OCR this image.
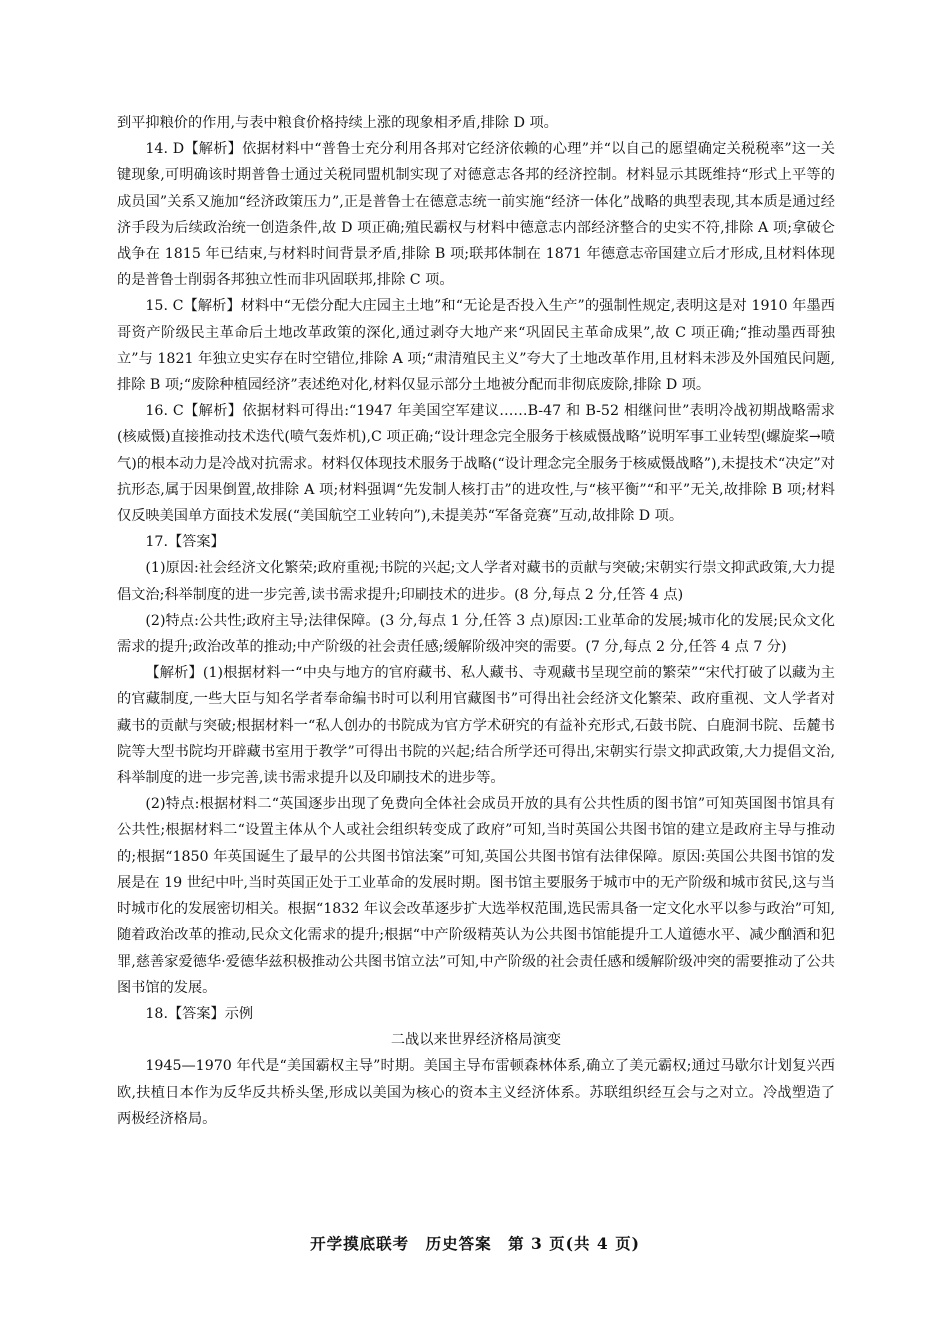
到平抑粮价的作用,与表中粮食价格持续上涨的现象相矛盾,排除 D 项。

14. D【解析】依据材料中“普鲁士充分利用各邦对它经济依赖的心理”并“以自己的愿望确定关税税率”这一关键现象,可明确该时期普鲁士通过关税同盟机制实现了对德意志各邦的经济控制。材料显示其既维持“形式上平等的成员国”关系又施加“经济政策压力”,正是普鲁士在德意志统一前实施“经济一体化”战略的典型表现,其本质是通过经济手段为后续政治统一创造条件,故 D 项正确;殖民霸权与材料中德意志内部经济整合的史实不符,排除 A 项;拿破仑战争在 1815 年已结束,与材料时间背景矛盾,排除 B 项;联邦体制在 1871 年德意志帝国建立后才形成,且材料体现的是普鲁士削弱各邦独立性而非巩固联邦,排除 C 项。

15. C【解析】材料中“无偿分配大庄园主土地”和“无论是否投入生产”的强制性规定,表明这是对 1910 年墨西哥资产阶级民主革命后土地改革政策的深化,通过剥夺大地产来“巩固民主革命成果”,故 C 项正确;“推动墨西哥独立”与 1821 年独立史实存在时空错位,排除 A 项;“肃清殖民主义”夸大了土地改革作用,且材料未涉及外国殖民问题,排除 B 项;“废除种植园经济”表述绝对化,材料仅显示部分土地被分配而非彻底废除,排除 D 项。

16. C【解析】依据材料可得出:“1947 年美国空军建议……B-47 和 B-52 相继问世”表明冷战初期战略需求(核威慑)直接推动技术迭代(喷气轰炸机),C 项正确;“设计理念完全服务于核威慑战略”说明军事工业转型(螺旋桨→喷气)的根本动力是冷战对抗需求。材料仅体现技术服务于战略(“设计理念完全服务于核威慑战略”),未提技术“决定”对抗形态,属于因果倒置,故排除 A 项;材料强调“先发制人核打击”的进攻性,与“核平衡”“和平”无关,故排除 B 项;材料仅反映美国单方面技术发展(“美国航空工业转向”),未提美苏“军备竞赛”互动,故排除 D 项。

17.【答案】

(1)原因:社会经济文化繁荣;政府重视;书院的兴起;文人学者对藏书的贡献与突破;宋朝实行崇文抑武政策,大力提倡文治;科举制度的进一步完善,读书需求提升;印刷技术的进步。(8 分,每点 2 分,任答 4 点)

(2)特点:公共性;政府主导;法律保障。(3 分,每点 1 分,任答 3 点)原因:工业革命的发展;城市化的发展;民众文化需求的提升;政治改革的推动;中产阶级的社会责任感;缓解阶级冲突的需要。(7 分,每点 2 分,任答 4 点 7 分)

【解析】(1)根据材料一“中央与地方的官府藏书、私人藏书、寺观藏书呈现空前的繁荣”“宋代打破了以藏为主的官藏制度,一些大臣与知名学者奉命编书时可以利用官藏图书”可得出社会经济文化繁荣、政府重视、文人学者对藏书的贡献与突破;根据材料一“私人创办的书院成为官方学术研究的有益补充形式,石鼓书院、白鹿洞书院、岳麓书院等大型书院均开辟藏书室用于教学”可得出书院的兴起;结合所学还可得出,宋朝实行崇文抑武政策,大力提倡文治,科举制度的进一步完善,读书需求提升以及印刷技术的进步等。

(2)特点:根据材料二“英国逐步出现了免费向全体社会成员开放的具有公共性质的图书馆”可知英国图书馆具有公共性;根据材料二“设置主体从个人或社会组织转变成了政府”可知,当时英国公共图书馆的建立是政府主导与推动的;根据“1850 年英国诞生了最早的公共图书馆法案”可知,英国公共图书馆有法律保障。原因:英国公共图书馆的发展是在 19 世纪中叶,当时英国正处于工业革命的发展时期。图书馆主要服务于城市中的无产阶级和城市贫民,这与当时城市化的发展密切相关。根据“1832 年议会改革逐步扩大选举权范围,选民需具备一定文化水平以参与政治”可知,随着政治改革的推动,民众文化需求的提升;根据“中产阶级精英认为公共图书馆能提升工人道德水平、减少酗酒和犯罪,慈善家爱德华·爱德华兹积极推动公共图书馆立法”可知,中产阶级的社会责任感和缓解阶级冲突的需要推动了公共图书馆的发展。

18.【答案】示例

二战以来世界经济格局演变

1945—1970 年代是“美国霸权主导”时期。美国主导布雷顿森林体系,确立了美元霸权;通过马歇尔计划复兴西欧,扶植日本作为反华反共桥头堡,形成以美国为核心的资本主义经济体系。苏联组织经互会与之对立。冷战塑造了两极经济格局。

开学摸底联考　历史答案　第 3 页(共 4 页)
